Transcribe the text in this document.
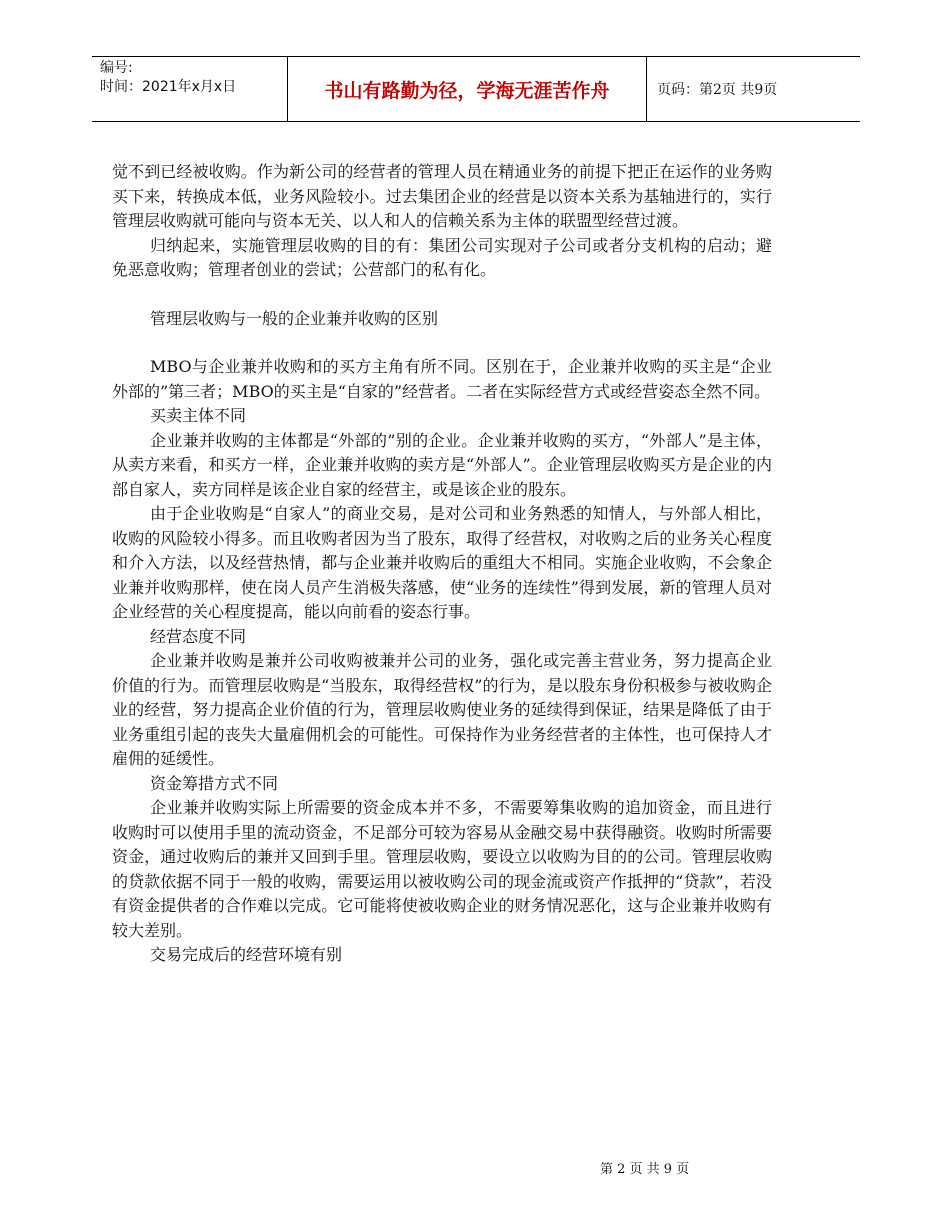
编号:
时间：2021年x月x日	书山有路勤为径，学海无涯苦作舟	页码：第2页 共9页

觉不到已经被收购。作为新公司的经营者的管理人员在精通业务的前提下把正在运作的业务购买下来，转换成本低，业务风险较小。过去集团企业的经营是以资本关系为基轴进行的，实行管理层收购就可能向与资本无关、以人和人的信赖关系为主体的联盟型经营过渡。

归纳起来，实施管理层收购的目的有：集团公司实现对子公司或者分支机构的启动；避免恶意收购；管理者创业的尝试；公营部门的私有化。

管理层收购与一般的企业兼并收购的区别

MBO与企业兼并收购和的买方主角有所不同。区别在于，企业兼并收购的买主是“企业外部的”第三者；MBO的买主是“自家的”经营者。二者在实际经营方式或经营姿态全然不同。

买卖主体不同

企业兼并收购的主体都是“外部的”别的企业。企业兼并收购的买方，“外部人”是主体，从卖方来看，和买方一样，企业兼并收购的卖方是“外部人”。企业管理层收购买方是企业的内部自家人，卖方同样是该企业自家的经营主，或是该企业的股东。

由于企业收购是“自家人”的商业交易，是对公司和业务熟悉的知情人，与外部人相比，收购的风险较小得多。而且收购者因为当了股东，取得了经营权，对收购之后的业务关心程度和介入方法，以及经营热情，都与企业兼并收购后的重组大不相同。实施企业收购，不会象企业兼并收购那样，使在岗人员产生消极失落感，使“业务的连续性”得到发展，新的管理人员对企业经营的关心程度提高，能以向前看的姿态行事。

经营态度不同

企业兼并收购是兼并公司收购被兼并公司的业务，强化或完善主营业务，努力提高企业价值的行为。而管理层收购是“当股东，取得经营权”的行为，是以股东身份积极参与被收购企业的经营，努力提高企业价值的行为，管理层收购使业务的延续得到保证，结果是降低了由于业务重组引起的丧失大量雇佣机会的可能性。可保持作为业务经营者的主体性，也可保持人才雇佣的延缓性。

资金筹措方式不同

企业兼并收购实际上所需要的资金成本并不多，不需要筹集收购的追加资金，而且进行收购时可以使用手里的流动资金，不足部分可较为容易从金融交易中获得融资。收购时所需要资金，通过收购后的兼并又回到手里。管理层收购，要设立以收购为目的的公司。管理层收购的贷款依据不同于一般的收购，需要运用以被收购公司的现金流或资产作抵押的“贷款”，若没有资金提供者的合作难以完成。它可能将使被收购企业的财务情况恶化，这与企业兼并收购有较大差别。

交易完成后的经营环境有别

第 2 页 共 9 页
